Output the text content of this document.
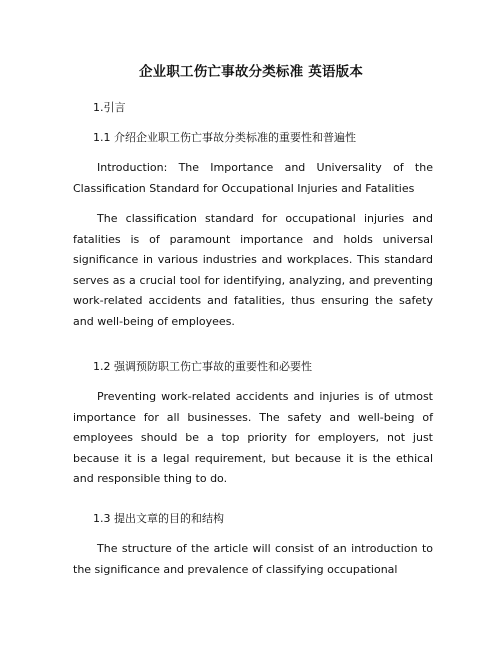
企业职工伤亡事故分类标准 英语版本
1.引言
1.1 介绍企业职工伤亡事故分类标准的重要性和普遍性
Introduction: The Importance and Universality of the Classification Standard for Occupational Injuries and Fatalities
The classification standard for occupational injuries and fatalities is of paramount importance and holds universal significance in various industries and workplaces. This standard serves as a crucial tool for identifying, analyzing, and preventing work-related accidents and fatalities, thus ensuring the safety and well-being of employees.
1.2 强调预防职工伤亡事故的重要性和必要性
Preventing work-related accidents and injuries is of utmost importance for all businesses. The safety and well-being of employees should be a top priority for employers, not just because it is a legal requirement, but because it is the ethical and responsible thing to do.
1.3 提出文章的目的和结构
The structure of the article will consist of an introduction to the significance and prevalence of classifying occupational
